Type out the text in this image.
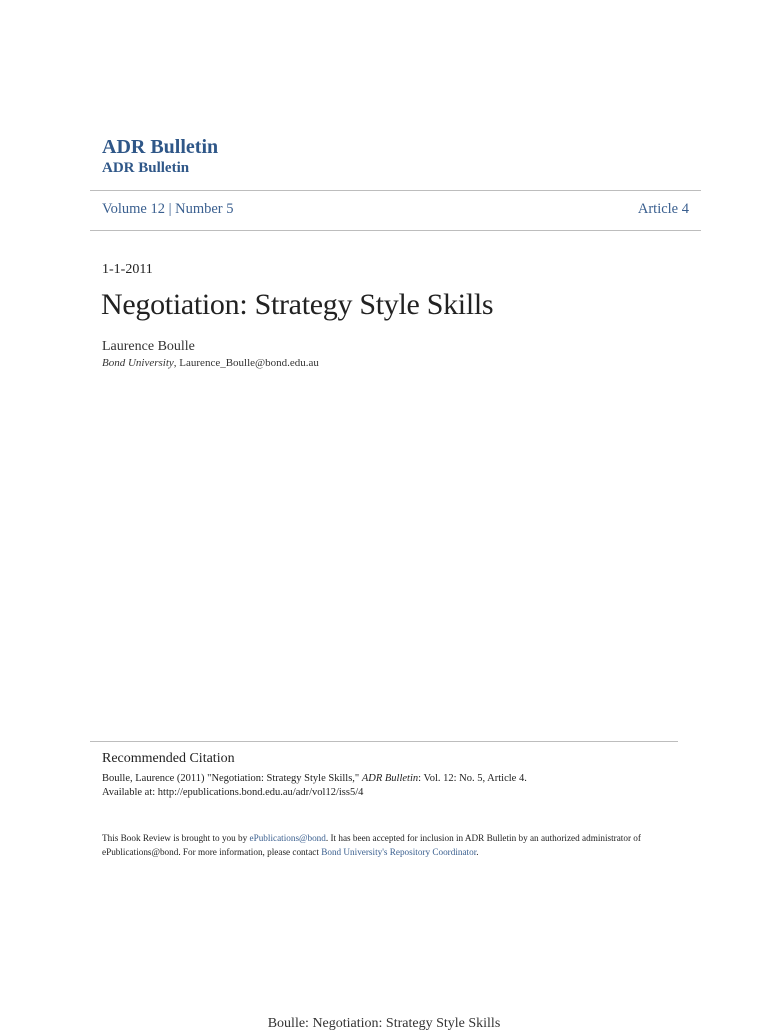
ADR Bulletin
ADR Bulletin
Volume 12 | Number 5	Article 4
1-1-2011
Negotiation: Strategy Style Skills
Laurence Boulle
Bond University, Laurence_Boulle@bond.edu.au
Recommended Citation
Boulle, Laurence (2011) "Negotiation: Strategy Style Skills," ADR Bulletin: Vol. 12: No. 5, Article 4.
Available at: http://epublications.bond.edu.au/adr/vol12/iss5/4
This Book Review is brought to you by ePublications@bond. It has been accepted for inclusion in ADR Bulletin by an authorized administrator of ePublications@bond. For more information, please contact Bond University's Repository Coordinator.
Boulle: Negotiation: Strategy Style Skills
